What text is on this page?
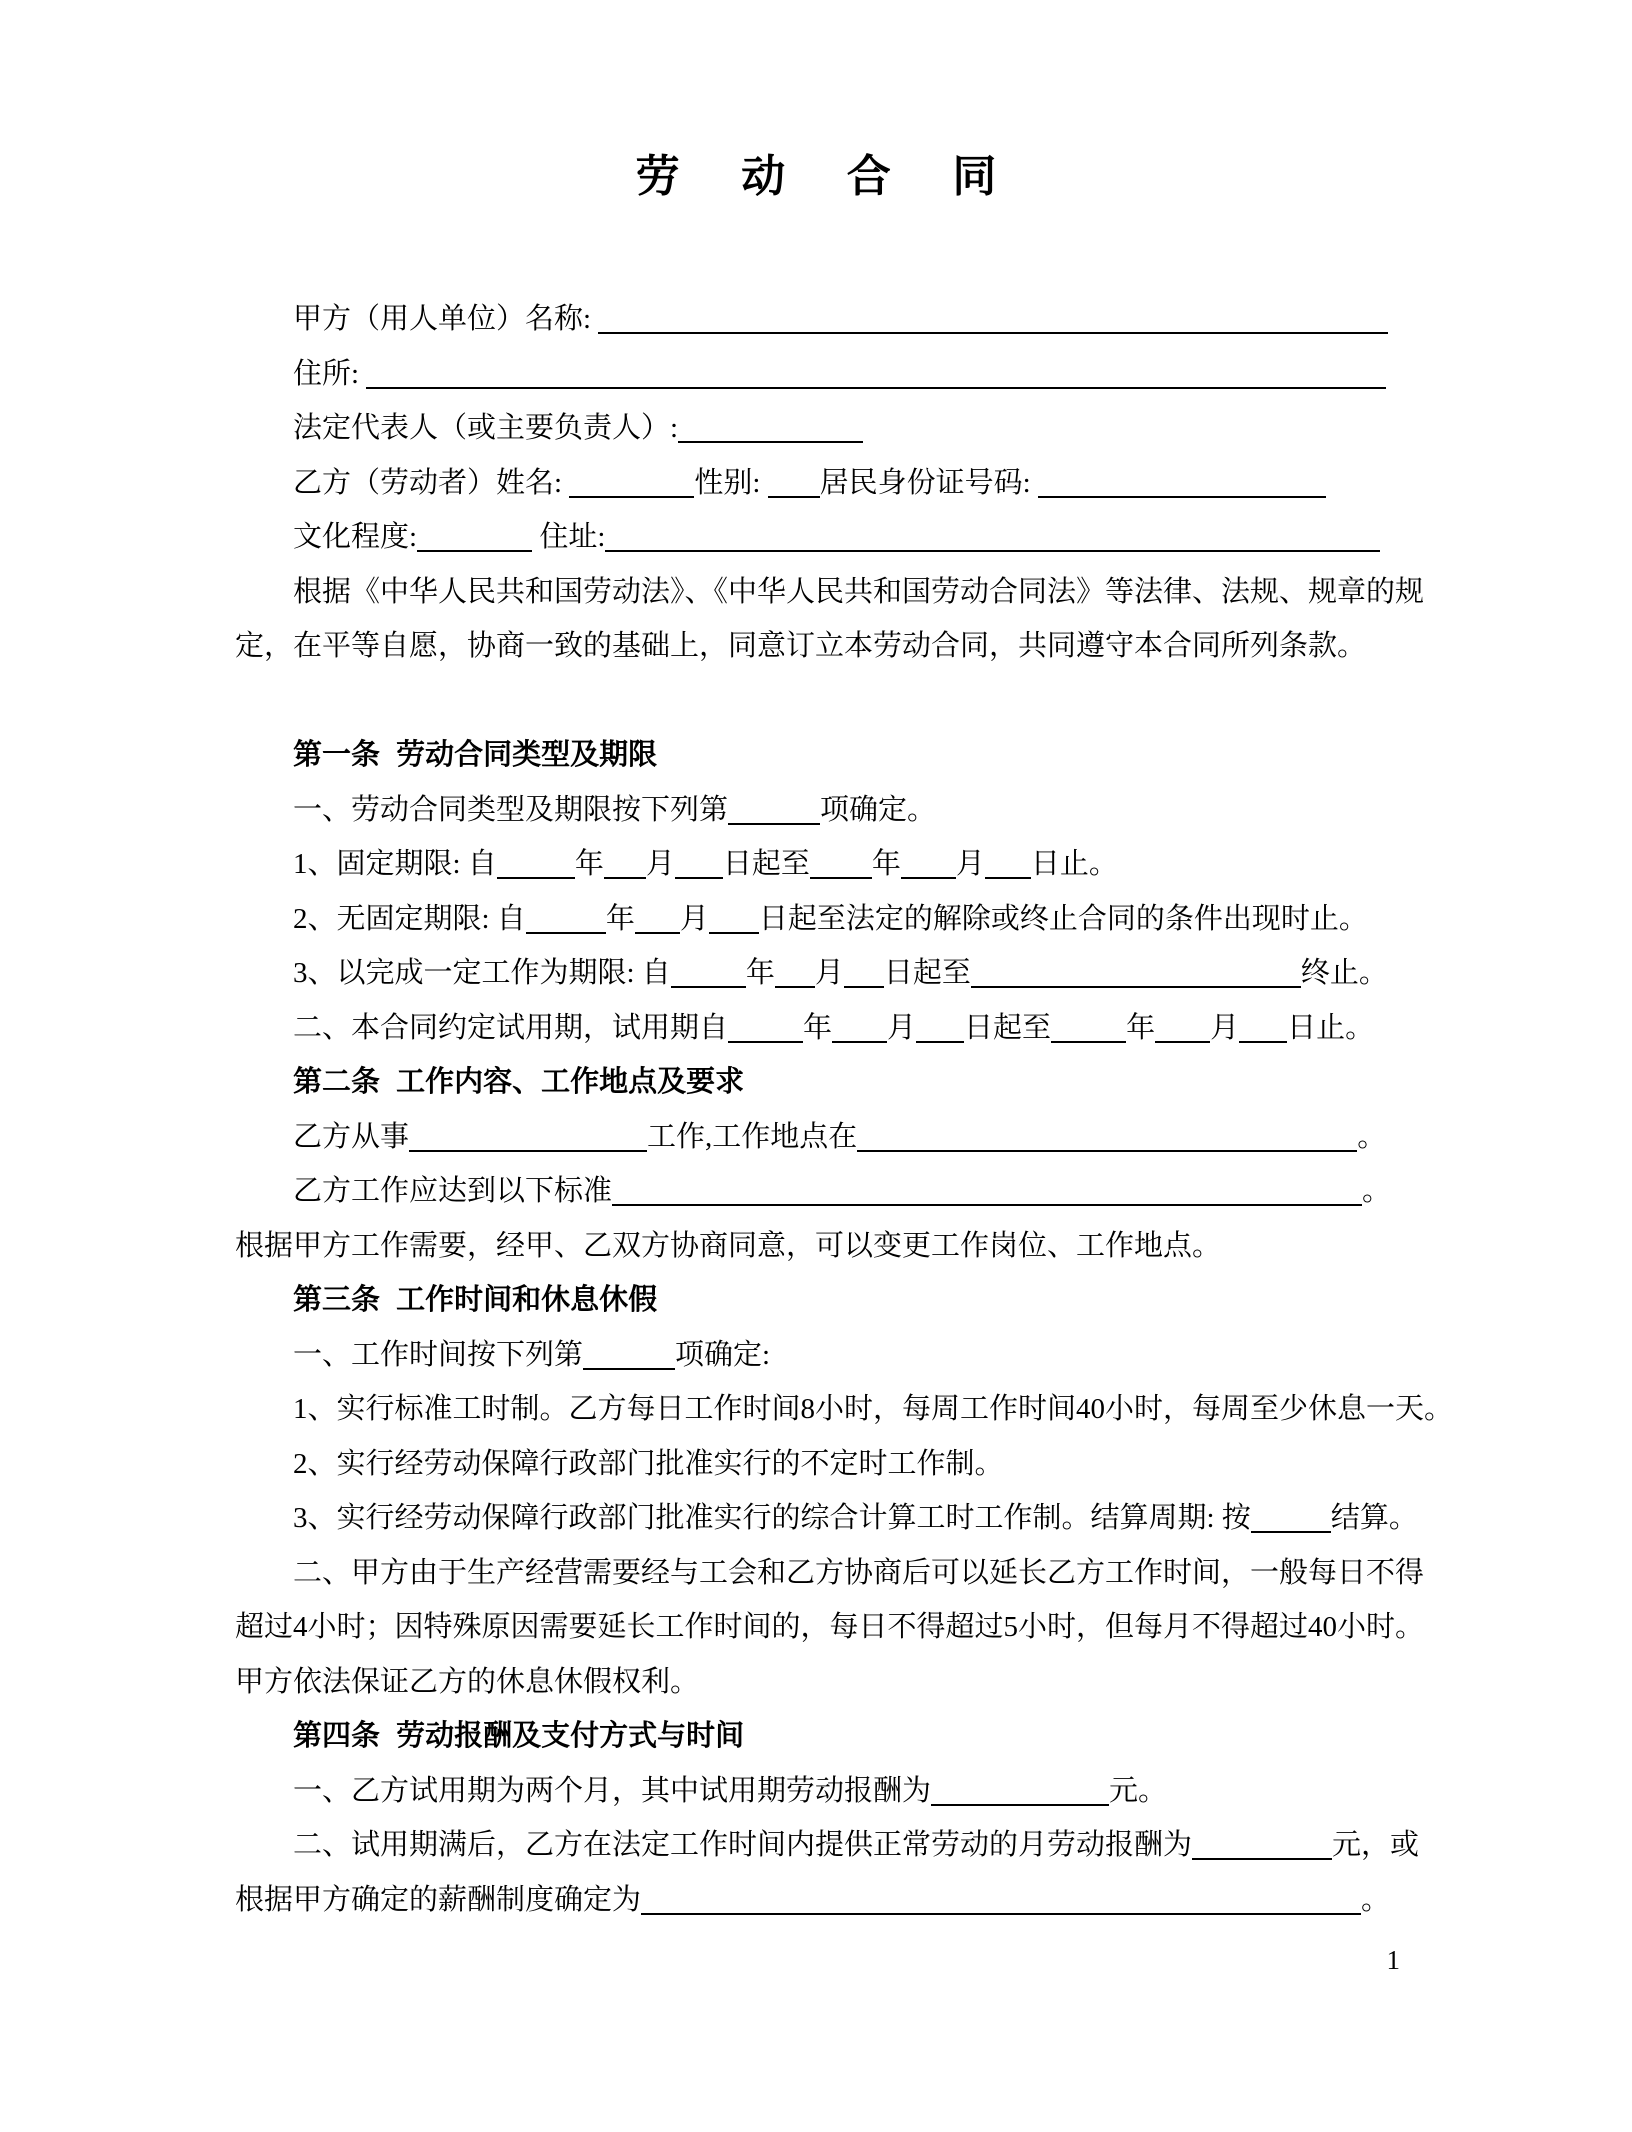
劳动合同

甲方（用人单位）名称:

住所:

法定代表人（或主要负责人）:

乙方（劳动者）姓名:	性别: 居民身份证号码:

文化程度:	住址:

根据《中华人民共和国劳动法》、《中华人民共和国劳动合同法》等法律、法规、规章的规

定，在平等自愿，协商一致的基础上，同意订立本劳动合同，共同遵守本合同所列条款。

第一条  劳动合同类型及期限

一、劳动合同类型及期限按下列第	项确定。

1、固定期限: 自	年 月 日起至 年 月 日止。

2、无固定期限: 自	年 月 日起至法定的解除或终止合同的条件出现时止。

3、以完成一定工作为期限: 自	年 月 日起至	终止。

二、本合同约定试用期，试用期自	年 月 日起至	年 月 日止。

第二条  工作内容、工作地点及要求

乙方从事	工作,工作地点在	。

乙方工作应达到以下标准	。

根据甲方工作需要，经甲、乙双方协商同意，可以变更工作岗位、工作地点。

第三条  工作时间和休息休假

一、工作时间按下列第	项确定:

1、实行标准工时制。乙方每日工作时间8小时，每周工作时间40小时，每周至少休息一天。

2、实行经劳动保障行政部门批准实行的不定时工作制。

3、实行经劳动保障行政部门批准实行的综合计算工时工作制。结算周期: 按	结算。

二、甲方由于生产经营需要经与工会和乙方协商后可以延长乙方工作时间，一般每日不得

超过4小时；因特殊原因需要延长工作时间的，每日不得超过5小时，但每月不得超过40小时。

甲方依法保证乙方的休息休假权利。

第四条  劳动报酬及支付方式与时间

一、乙方试用期为两个月，其中试用期劳动报酬为	元。

二、试用期满后，乙方在法定工作时间内提供正常劳动的月劳动报酬为	元，或

根据甲方确定的薪酬制度确定为	。

1
